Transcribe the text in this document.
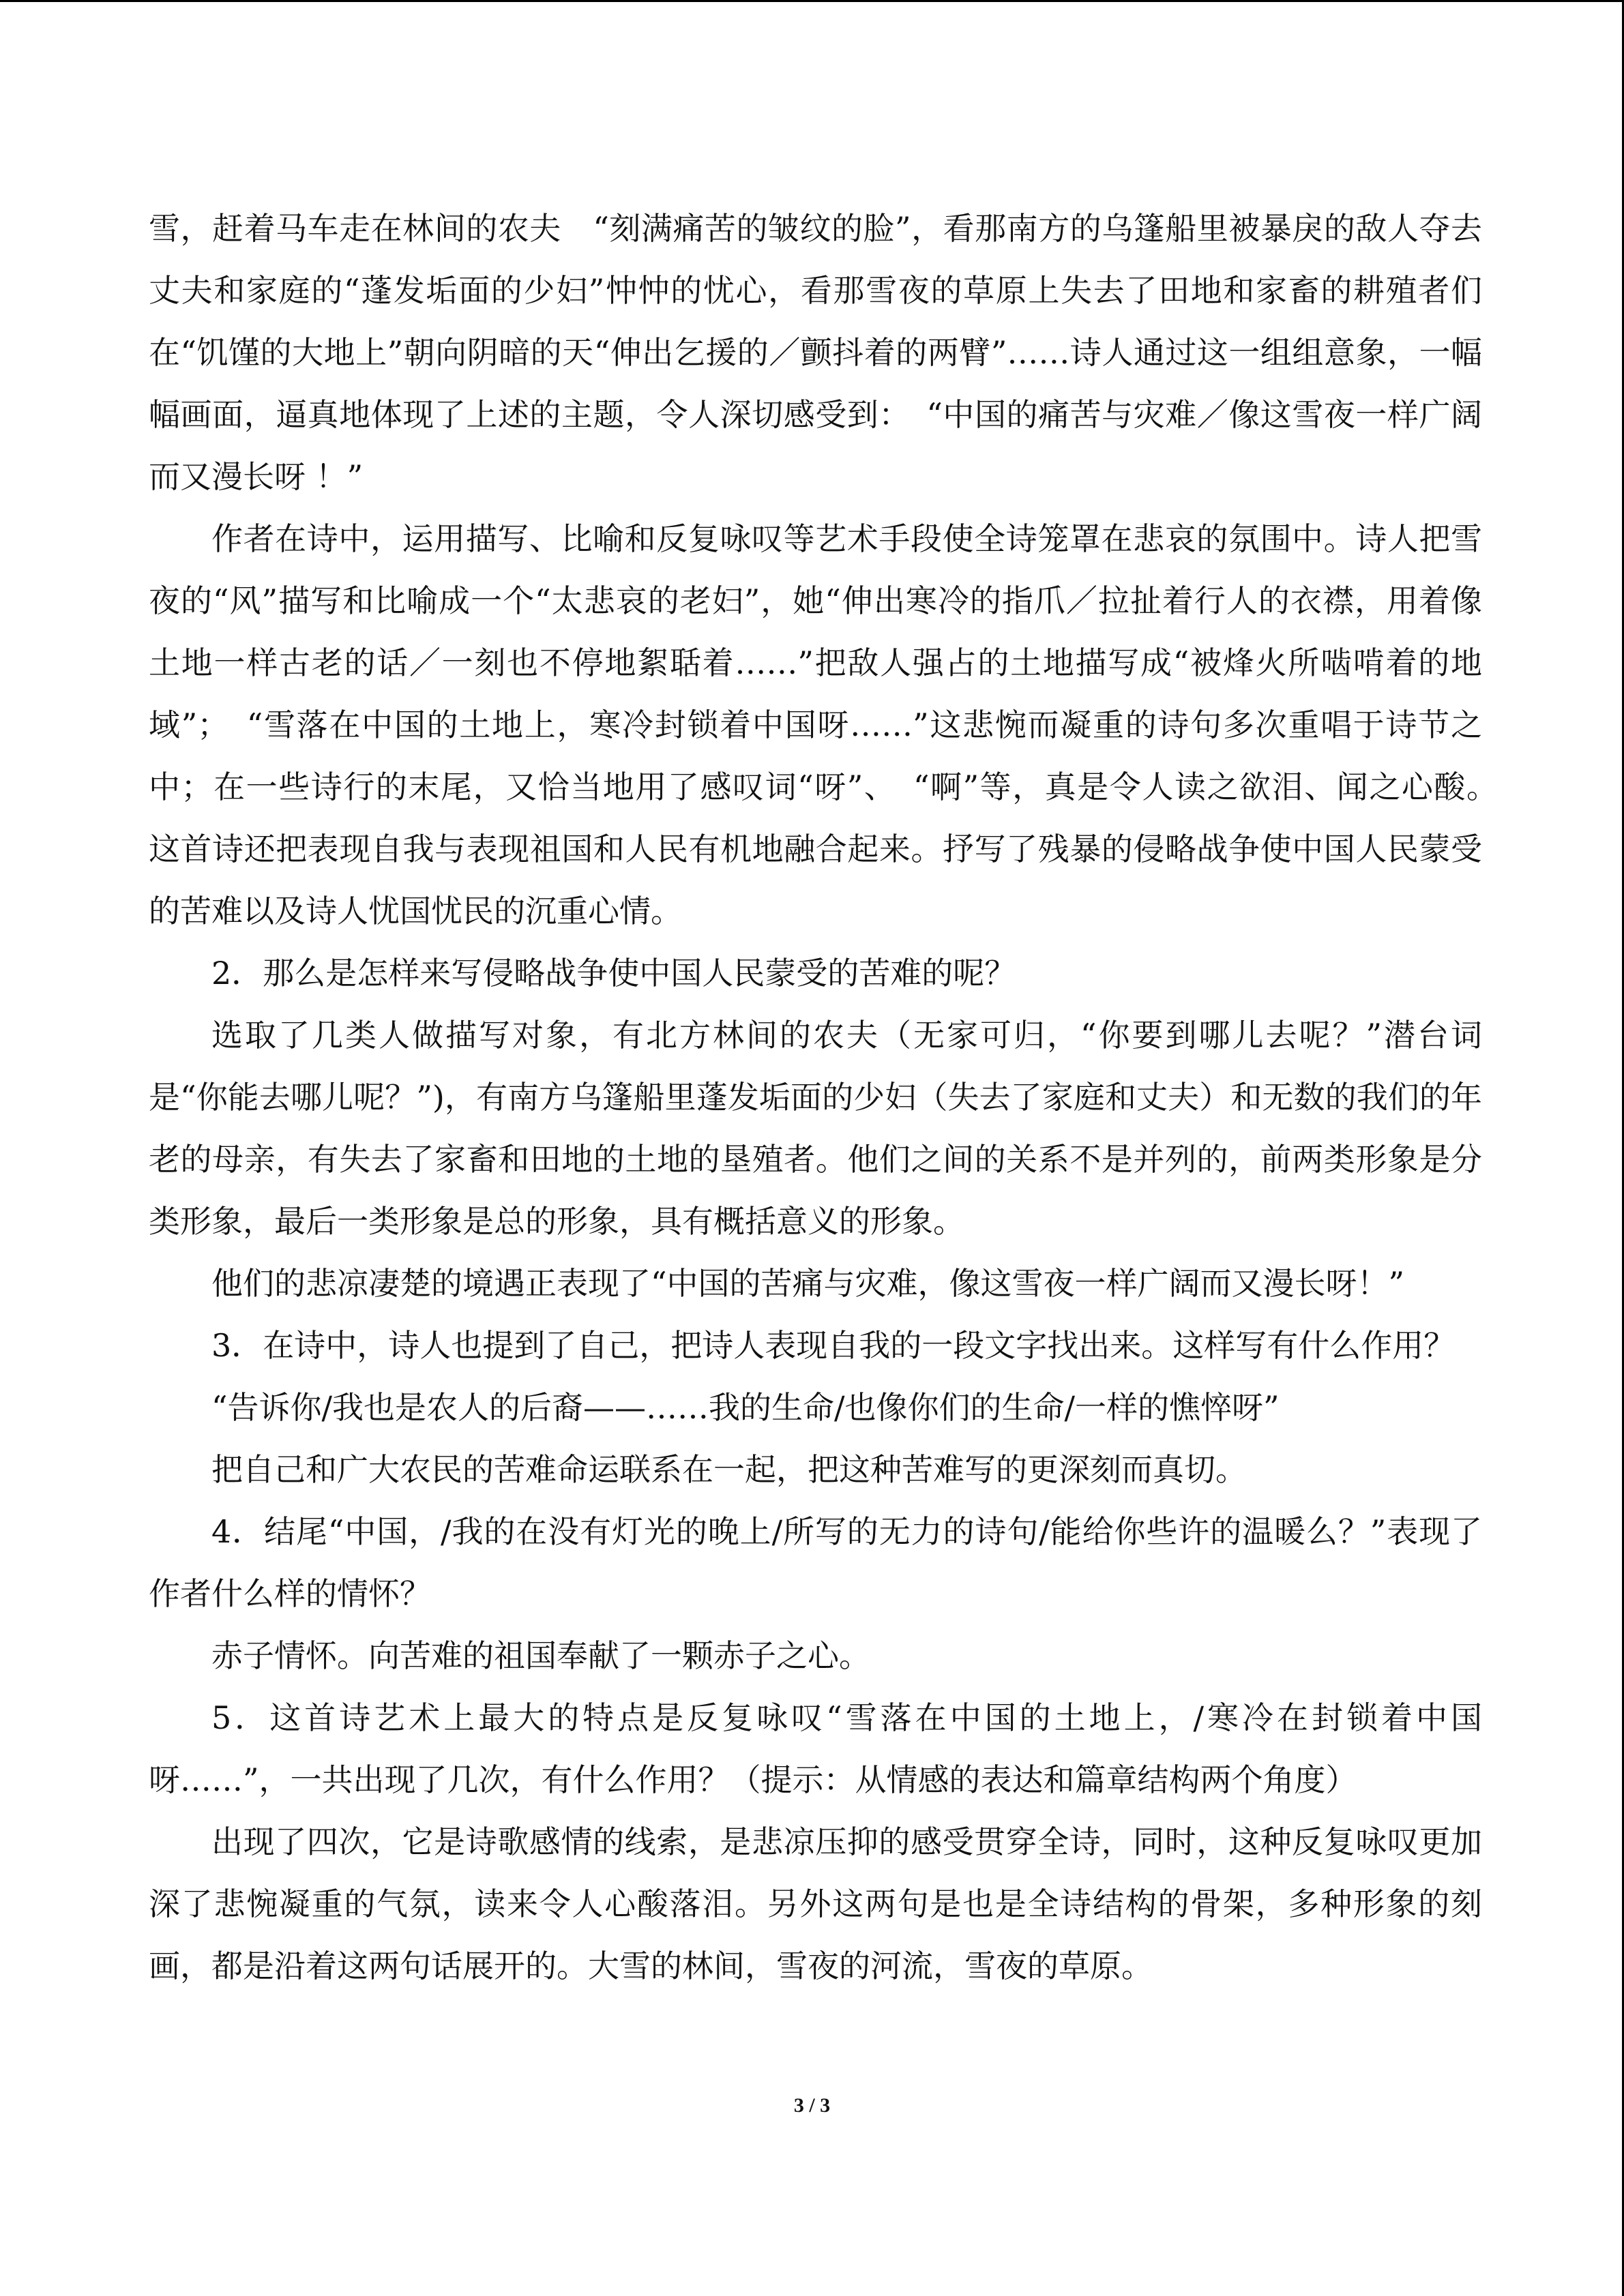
雪，赶着马车走在林间的农夫　“刻满痛苦的皱纹的脸”，看那南方的乌篷船里被暴戾的敌人夺去丈夫和家庭的“蓬发垢面的少妇”忡忡的忧心，看那雪夜的草原上失去了田地和家畜的耕殖者们在“饥馑的大地上”朝向阴暗的天“伸出乞援的／颤抖着的两臂”……诗人通过这一组组意象，一幅幅画面，逼真地体现了上述的主题，令人深切感受到：　“中国的痛苦与灾难／像这雪夜一样广阔而又漫长呀 ！”

作者在诗中，运用描写、比喻和反复咏叹等艺术手段使全诗笼罩在悲哀的氛围中。诗人把雪夜的“风”描写和比喻成一个“太悲哀的老妇”，她“伸出寒冷的指爪／拉扯着行人的衣襟，用着像土地一样古老的话／一刻也不停地絮聒着……”把敌人强占的土地描写成“被烽火所啮啃着的地域”；　“雪落在中国的土地上，寒冷封锁着中国呀……”这悲惋而凝重的诗句多次重唱于诗节之中；在一些诗行的末尾，又恰当地用了感叹词“呀”、　“啊”等，真是令人读之欲泪、闻之心酸。　这首诗还把表现自我与表现祖国和人民有机地融合起来。抒写了残暴的侵略战争使中国人民蒙受的苦难以及诗人忧国忧民的沉重心情。

2．那么是怎样来写侵略战争使中国人民蒙受的苦难的呢？

选取了几类人做描写对象，有北方林间的农夫（无家可归，“你要到哪儿去呢？”潜台词是“你能去哪儿呢？”)，有南方乌篷船里蓬发垢面的少妇（失去了家庭和丈夫）和无数的我们的年老的母亲，有失去了家畜和田地的土地的垦殖者。他们之间的关系不是并列的，前两类形象是分类形象，最后一类形象是总的形象，具有概括意义的形象。

他们的悲凉凄楚的境遇正表现了“中国的苦痛与灾难，像这雪夜一样广阔而又漫长呀！”

3．在诗中，诗人也提到了自己，把诗人表现自我的一段文字找出来。这样写有什么作用？

“告诉你/我也是农人的后裔——……我的生命/也像你们的生命/一样的憔悴呀”

把自己和广大农民的苦难命运联系在一起，把这种苦难写的更深刻而真切。

4．结尾“中国，/我的在没有灯光的晚上/所写的无力的诗句/能给你些许的温暖么？”表现了作者什么样的情怀？

赤子情怀。向苦难的祖国奉献了一颗赤子之心。

5．这首诗艺术上最大的特点是反复咏叹“雪落在中国的土地上，/寒冷在封锁着中国呀……”，一共出现了几次，有什么作用？（提示：从情感的表达和篇章结构两个角度）

出现了四次，它是诗歌感情的线索，是悲凉压抑的感受贯穿全诗，同时，这种反复咏叹更加深了悲惋凝重的气氛，读来令人心酸落泪。另外这两句是也是全诗结构的骨架，多种形象的刻画，都是沿着这两句话展开的。大雪的林间，雪夜的河流，雪夜的草原。

3 / 3
